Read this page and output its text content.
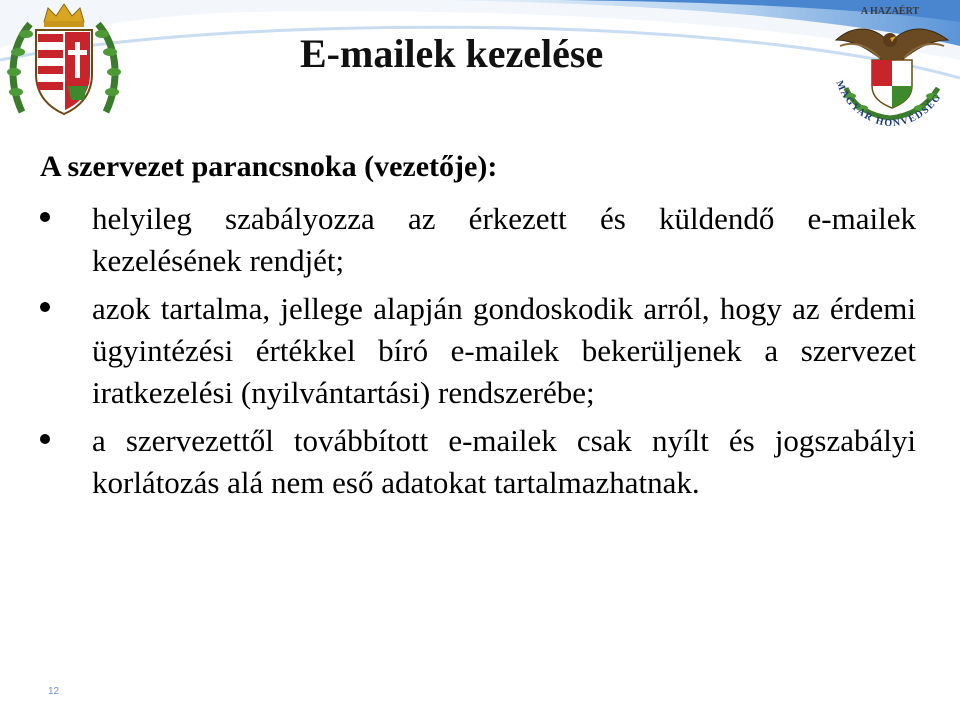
A HAZAÉRT
MAGYAR HONVÉDSÉG
E-mailek kezelése
A szervezet parancsnoka (vezetője):
helyileg szabályozza az érkezett és küldendő e-mailek kezelésének rendjét;
azok tartalma, jellege alapján gondoskodik arról, hogy az érdemi ügyintézési értékkel bíró e-mailek bekerüljenek a szervezet iratkezelési (nyilvántartási) rendszerébe;
a szervezettől továbbított e-mailek csak nyílt és jogszabályi korlátozás alá nem eső adatokat tartalmazhatnak.
12
